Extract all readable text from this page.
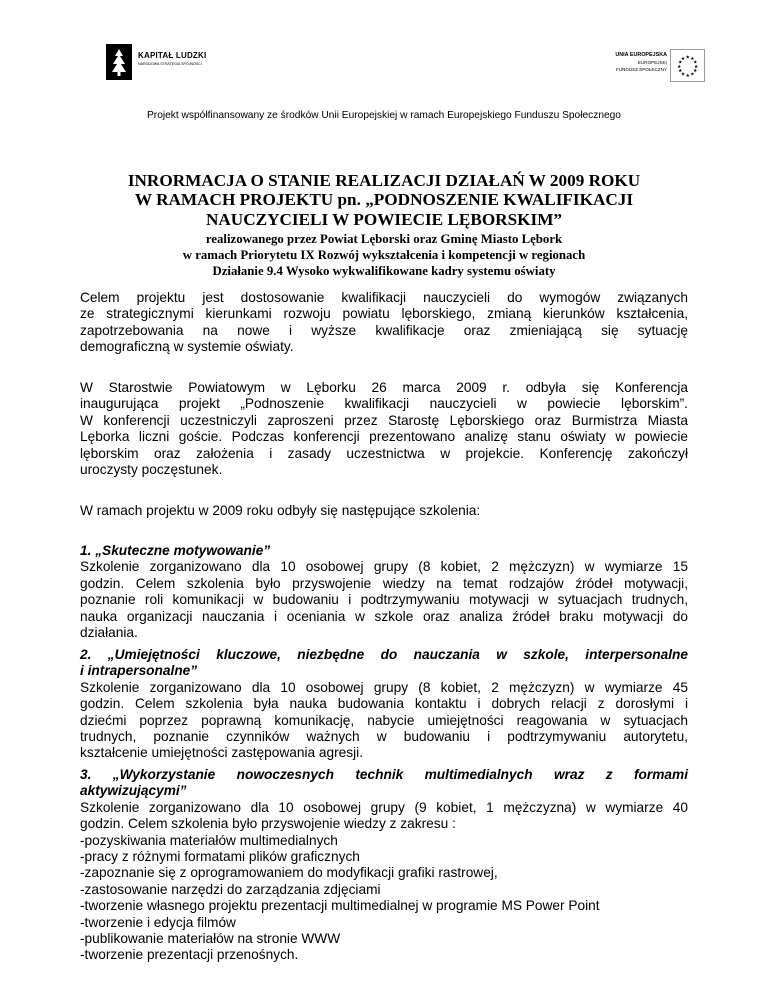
KAPITAŁ LUDZKI
NARODOWA STRATEGIA SPÓJNOŚCI
UNIA EUROPEJSKA
EUROPEJSKI
FUNDUSZ SPOŁECZNY
★ ★
★
★
★
★
★
★
★
★
★
★
Projekt współfinansowany ze środków Unii Europejskiej w ramach Europejskiego Funduszu Społecznego
INRORMACJA O STANIE REALIZACJI DZIAŁAŃ W 2009 ROKU
W RAMACH PROJEKTU pn. „PODNOSZENIE KWALIFIKACJI
NAUCZYCIELI W POWIECIE LĘBORSKIM”
realizowanego przez Powiat Lęborski oraz Gminę Miasto Lębork
w ramach Priorytetu IX Rozwój wykształcenia i kompetencji w regionach
Działanie 9.4 Wysoko wykwalifikowane kadry systemu oświaty
Celem projektu jest dostosowanie kwalifikacji nauczycieli do wymogów związanych
ze strategicznymi kierunkami rozwoju powiatu lęborskiego, zmianą kierunków kształcenia,
zapotrzebowania na nowe i wyższe kwalifikacje oraz zmieniającą się sytuację
demograficzną w systemie oświaty.
W Starostwie Powiatowym w Lęborku 26 marca 2009 r. odbyła się Konferencja
inaugurująca projekt „Podnoszenie kwalifikacji nauczycieli w powiecie lęborskim”.
W konferencji uczestniczyli zaproszeni przez Starostę Lęborskiego oraz Burmistrza Miasta
Lęborka liczni goście. Podczas konferencji prezentowano analizę stanu oświaty w powiecie
lęborskim oraz założenia i zasady uczestnictwa w projekcie. Konferencję zakończył
uroczysty poczęstunek.
W ramach projektu w 2009 roku odbyły się następujące szkolenia:
1. „Skuteczne motywowanie”
Szkolenie zorganizowano dla 10 osobowej grupy (8 kobiet, 2 mężczyzn) w wymiarze 15
godzin. Celem szkolenia było przyswojenie wiedzy na temat rodzajów źródeł motywacji,
poznanie roli komunikacji w budowaniu i podtrzymywaniu motywacji w sytuacjach trudnych,
nauka organizacji nauczania i oceniania w szkole oraz analiza źródeł braku motywacji do
działania.
2. „Umiejętności kluczowe, niezbędne do nauczania w szkole, interpersonalne
i intrapersonalne”
Szkolenie zorganizowano dla 10 osobowej grupy (8 kobiet, 2 mężczyzn) w wymiarze 45
godzin. Celem szkolenia była nauka budowania kontaktu i dobrych relacji z dorosłymi i
dziećmi poprzez poprawną komunikację, nabycie umiejętności reagowania w sytuacjach
trudnych, poznanie czynników ważnych w budowaniu i podtrzymywaniu autorytetu,
kształcenie umiejętności zastępowania agresji.
3. „Wykorzystanie nowoczesnych technik multimedialnych wraz z formami
aktywizującymi”
Szkolenie zorganizowano dla 10 osobowej grupy (9 kobiet, 1 mężczyzna) w wymiarze 40
godzin. Celem szkolenia było przyswojenie wiedzy z zakresu :
-pozyskiwania materiałów multimedialnych
-pracy z różnymi formatami plików graficznych
-zapoznanie się z oprogramowaniem do modyfikacji grafiki rastrowej,
-zastosowanie narzędzi do zarządzania zdjęciami
-tworzenie własnego projektu prezentacji multimedialnej w programie MS Power Point
-tworzenie i edycja filmów
-publikowanie materiałów na stronie WWW
-tworzenie prezentacji przenośnych.
